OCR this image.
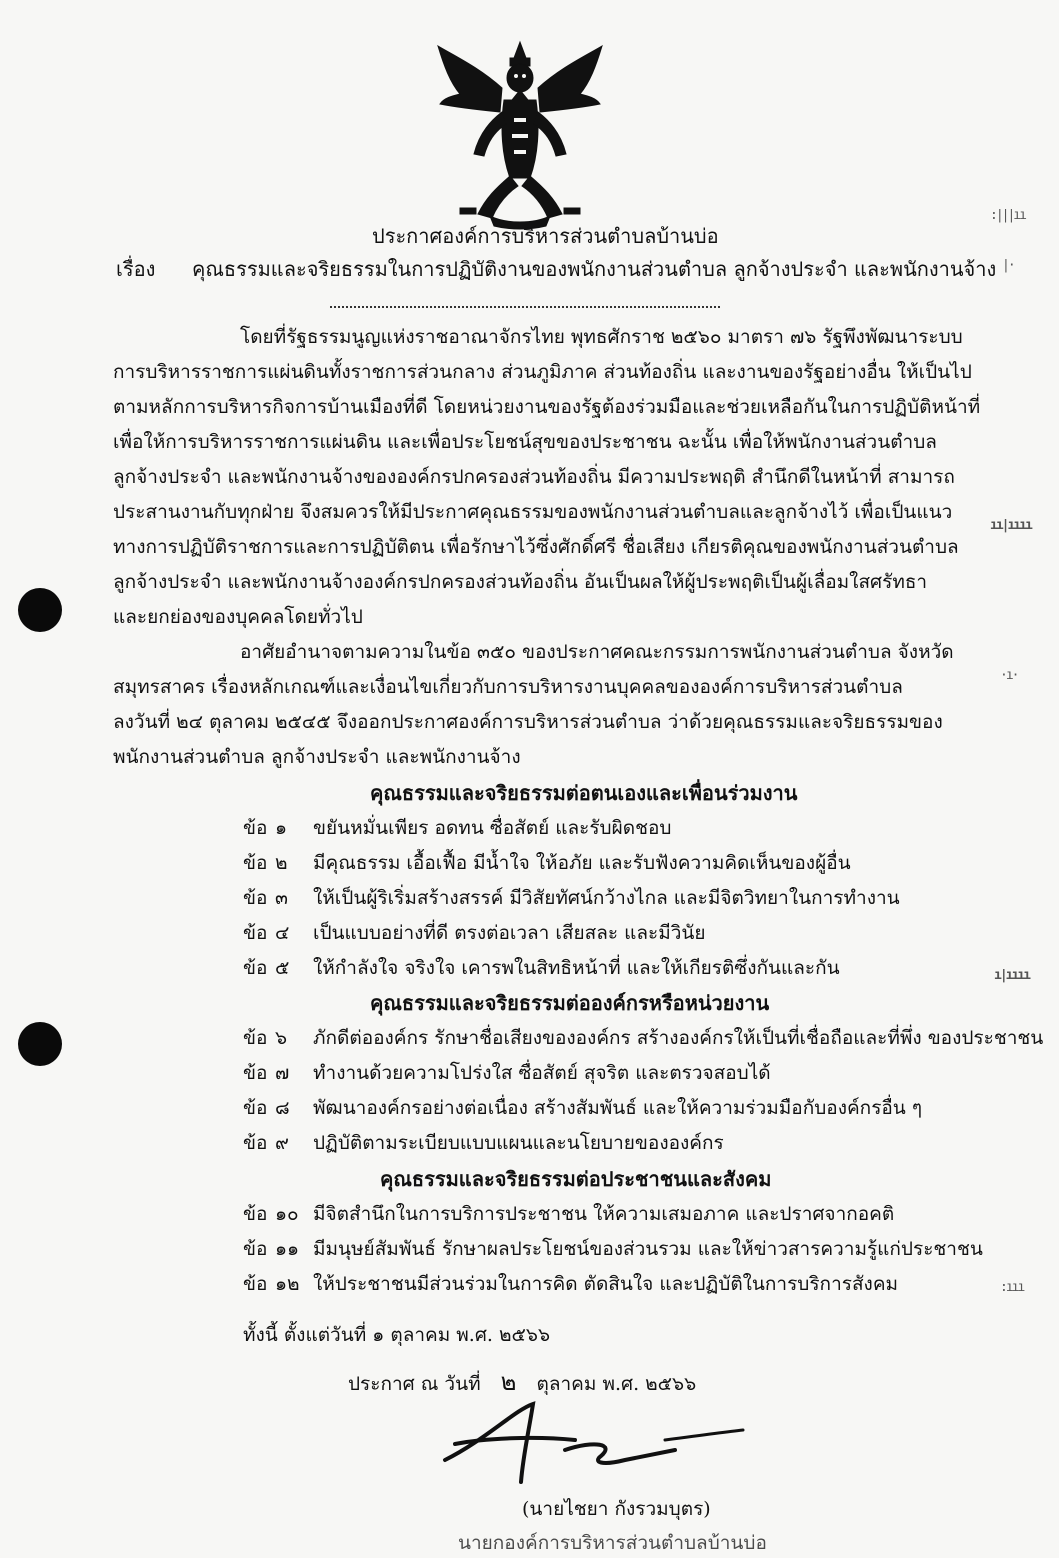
ประกาศองค์การบริหารส่วนตำบลบ้านบ่อ
เรื่อง คุณธรรมและจริยธรรมในการปฏิบัติงานของพนักงานส่วนตำบล ลูกจ้างประจำ และพนักงานจ้าง
โดยที่รัฐธรรมนูญแห่งราชอาณาจักรไทย พุทธศักราช ๒๕๖๐ มาตรา ๗๖ รัฐพึงพัฒนาระบบ
การบริหารราชการแผ่นดินทั้งราชการส่วนกลาง ส่วนภูมิภาค ส่วนท้องถิ่น และงานของรัฐอย่างอื่น ให้เป็นไป
ตามหลักการบริหารกิจการบ้านเมืองที่ดี โดยหน่วยงานของรัฐต้องร่วมมือและช่วยเหลือกันในการปฏิบัติหน้าที่
เพื่อให้การบริหารราชการแผ่นดิน และเพื่อประโยชน์สุขของประชาชน ฉะนั้น เพื่อให้พนักงานส่วนตำบล
ลูกจ้างประจำ และพนักงานจ้างขององค์กรปกครองส่วนท้องถิ่น มีความประพฤติ สำนึกดีในหน้าที่ สามารถ
ประสานงานกับทุกฝ่าย จึงสมควรให้มีประกาศคุณธรรมของพนักงานส่วนตำบลและลูกจ้างไว้ เพื่อเป็นแนว
ทางการปฏิบัติราชการและการปฏิบัติตน เพื่อรักษาไว้ซึ่งศักดิ์ศรี ชื่อเสียง เกียรติคุณของพนักงานส่วนตำบล
ลูกจ้างประจำ และพนักงานจ้างองค์กรปกครองส่วนท้องถิ่น อันเป็นผลให้ผู้ประพฤติเป็นผู้เลื่อมใสศรัทธา
และยกย่องของบุคคลโดยทั่วไป
อาศัยอำนาจตามความในข้อ ๓๕๐ ของประกาศคณะกรรมการพนักงานส่วนตำบล จังหวัด
สมุทรสาคร เรื่องหลักเกณฑ์และเงื่อนไขเกี่ยวกับการบริหารงานบุคคลขององค์การบริหารส่วนตำบล
ลงวันที่ ๒๔ ตุลาคม ๒๕๔๕ จึงออกประกาศองค์การบริหารส่วนตำบล ว่าด้วยคุณธรรมและจริยธรรมของ
พนักงานส่วนตำบล ลูกจ้างประจำ และพนักงานจ้าง
คุณธรรมและจริยธรรมต่อตนเองและเพื่อนร่วมงาน
ข้อ ๑ ขยันหมั่นเพียร อดทน ซื่อสัตย์ และรับผิดชอบ
ข้อ ๒ มีคุณธรรม เอื้อเฟื้อ มีน้ำใจ ให้อภัย และรับฟังความคิดเห็นของผู้อื่น
ข้อ ๓ ให้เป็นผู้ริเริ่มสร้างสรรค์ มีวิสัยทัศน์กว้างไกล และมีจิตวิทยาในการทำงาน
ข้อ ๔ เป็นแบบอย่างที่ดี ตรงต่อเวลา เสียสละ และมีวินัย
ข้อ ๕ ให้กำลังใจ จริงใจ เคารพในสิทธิหน้าที่ และให้เกียรติซึ่งกันและกัน
คุณธรรมและจริยธรรมต่อองค์กรหรือหน่วยงาน
ข้อ ๖ ภักดีต่อองค์กร รักษาชื่อเสียงขององค์กร สร้างองค์กรให้เป็นที่เชื่อถือและที่พึ่ง ของประชาชน
ข้อ ๗ ทำงานด้วยความโปร่งใส ซื่อสัตย์ สุจริต และตรวจสอบได้
ข้อ ๘ พัฒนาองค์กรอย่างต่อเนื่อง สร้างสัมพันธ์ และให้ความร่วมมือกับองค์กรอื่น ๆ
ข้อ ๙ ปฏิบัติตามระเบียบแบบแผนและนโยบายขององค์กร
คุณธรรมและจริยธรรมต่อประชาชนและสังคม
ข้อ ๑๐ มีจิตสำนึกในการบริการประชาชน ให้ความเสมอภาค และปราศจากอคติ
ข้อ ๑๑ มีมนุษย์สัมพันธ์ รักษาผลประโยชน์ของส่วนรวม และให้ข่าวสารความรู้แก่ประชาชน
ข้อ ๑๒ ให้ประชาชนมีส่วนร่วมในการคิด ตัดสินใจ และปฏิบัติในการบริการสังคม
ทั้งนี้ ตั้งแต่วันที่ ๑ ตุลาคม พ.ศ. ๒๕๖๖
ประกาศ ณ วันที่ ๒ ตุลาคม พ.ศ. ๒๕๖๖
(นายไชยา กังรวมบุตร)
นายกองค์การบริหารส่วนตำบลบ้านบ่อ
:|||ıı
|·
ıı|ıııı
·ı·
ı|ıııı
:ııı
